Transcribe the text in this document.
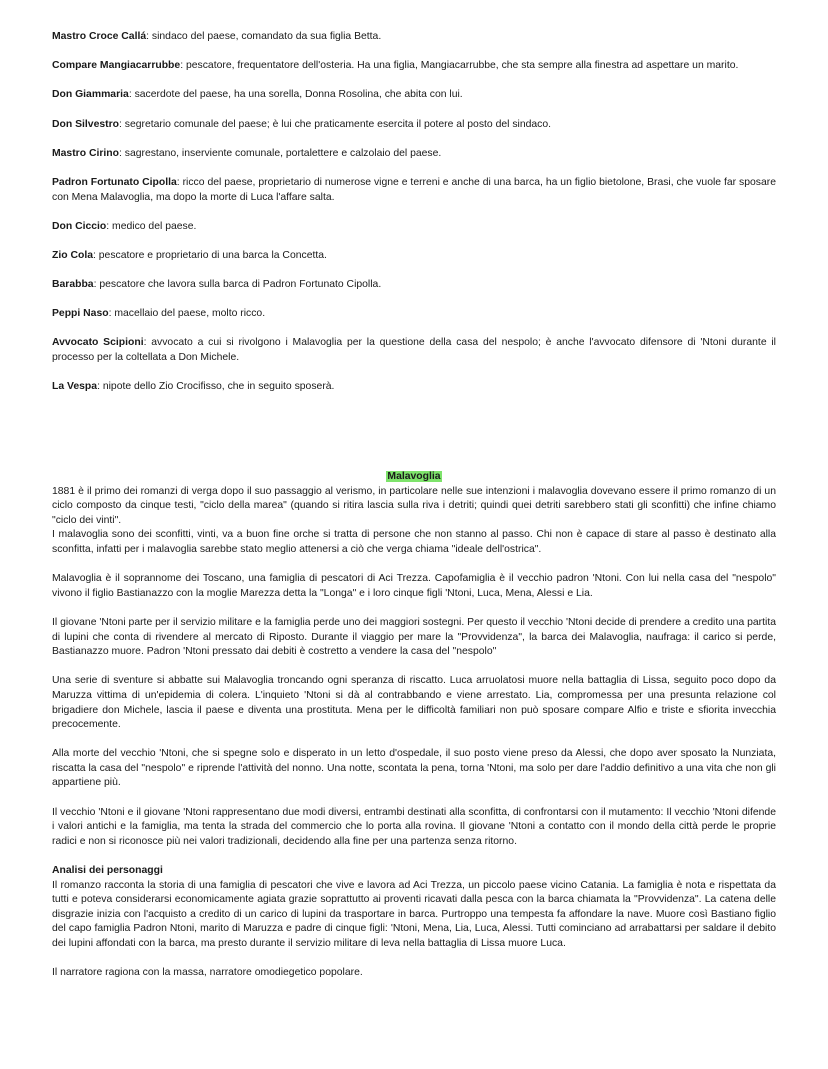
Mastro Croce Callá: sindaco del paese, comandato da sua figlia Betta.

Compare Mangiacarrubbe: pescatore, frequentatore dell'osteria. Ha una figlia, Mangiacarrubbe, che sta sempre alla finestra ad aspettare un marito.

Don Giammaria: sacerdote del paese, ha una sorella, Donna Rosolina, che abita con lui.

Don Silvestro: segretario comunale del paese; è lui che praticamente esercita il potere al posto del sindaco.

Mastro Cirino: sagrestano, inserviente comunale, portalettere e calzolaio del paese.

Padron Fortunato Cipolla: ricco del paese, proprietario di numerose vigne e terreni e anche di una barca, ha un figlio bietolone, Brasi, che vuole far sposare con Mena Malavoglia, ma dopo la morte di Luca l'affare salta.

Don Ciccio: medico del paese.

Zio Cola: pescatore e proprietario di una barca la Concetta.

Barabba: pescatore che lavora sulla barca di Padron Fortunato Cipolla.

Peppi Naso: macellaio del paese, molto ricco.

Avvocato Scipioni: avvocato a cui si rivolgono i Malavoglia per la questione della casa del nespolo; è anche l'avvocato difensore di 'Ntoni durante il processo per la coltellata a Don Michele.

La Vespa: nipote dello Zio Crocifisso, che in seguito sposerà.

Malavoglia

1881 è il primo dei romanzi di verga dopo il suo passaggio al verismo, in particolare nelle sue intenzioni i malavoglia dovevano essere il primo romanzo di un ciclo composto da cinque testi, "ciclo della marea" (quando si ritira lascia sulla riva i detriti; quindi quei detriti sarebbero stati gli sconfitti) che infine chiamo "ciclo dei vinti".

I malavoglia sono dei sconfitti, vinti, va a buon fine orche si tratta di persone che non stanno al passo. Chi non è capace di stare al passo è destinato alla sconfitta, infatti per i malavoglia sarebbe stato meglio attenersi a ciò che verga chiama "ideale dell'ostrica".

Malavoglia è il soprannome dei Toscano, una famiglia di pescatori di Aci Trezza. Capofamiglia è il vecchio padron 'Ntoni. Con lui nella casa del "nespolo" vivono il figlio Bastianazzo con la moglie Marezza detta la "Longa" e i loro cinque figli 'Ntoni, Luca, Mena, Alessi e Lia.

Il giovane 'Ntoni parte per il servizio militare e la famiglia perde uno dei maggiori sostegni. Per questo il vecchio 'Ntoni decide di prendere a credito una partita di lupini che conta di rivendere al mercato di Riposto. Durante il viaggio per mare la "Provvidenza", la barca dei Malavoglia, naufraga: il carico si perde, Bastianazzo muore. Padron 'Ntoni pressato dai debiti è costretto a vendere la casa del "nespolo"

Una serie di sventure si abbatte sui Malavoglia troncando ogni speranza di riscatto. Luca arruolatosi muore nella battaglia di Lissa, seguito poco dopo da Maruzza vittima di un'epidemia di colera. L'inquieto 'Ntoni si dà al contrabbando e viene arrestato. Lia, compromessa per una presunta relazione col brigadiere don Michele, lascia il paese e diventa una prostituta. Mena per le difficoltà familiari non può sposare compare Alfio e triste e sfiorita invecchia precocemente.

Alla morte del vecchio 'Ntoni, che si spegne solo e disperato in un letto d'ospedale, il suo posto viene preso da Alessi, che dopo aver sposato la Nunziata, riscatta la casa del "nespolo" e riprende l'attività del nonno. Una notte, scontata la pena, torna 'Ntoni, ma solo per dare l'addio definitivo a una vita che non gli appartiene più.

Il vecchio 'Ntoni e il giovane 'Ntoni rappresentano due modi diversi, entrambi destinati alla sconfitta, di confrontarsi con il mutamento: Il vecchio 'Ntoni difende i valori antichi e la famiglia, ma tenta la strada del commercio che lo porta alla rovina. Il giovane 'Ntoni a contatto con il mondo della città perde le proprie radici e non si riconosce più nei valori tradizionali, decidendo alla fine per una partenza senza ritorno.

Analisi dei personaggi

Il romanzo racconta la storia di una famiglia di pescatori che vive e lavora ad Aci Trezza, un piccolo paese vicino Catania. La famiglia è nota e rispettata da tutti e poteva considerarsi economicamente agiata grazie soprattutto ai proventi ricavati dalla pesca con la barca chiamata la "Provvidenza". La catena delle disgrazie inizia con l'acquisto a credito di un carico di lupini da trasportare in barca. Purtroppo una tempesta fa affondare la nave. Muore così Bastiano figlio del capo famiglia Padron Ntoni, marito di Maruzza e padre di cinque figli: 'Ntoni, Mena, Lia, Luca, Alessi. Tutti cominciano ad arrabattarsi per saldare il debito dei lupini affondati con la barca, ma presto durante il servizio militare di leva nella battaglia di Lissa muore Luca.

Il narratore ragiona con la massa, narratore omodiegetico popolare.
